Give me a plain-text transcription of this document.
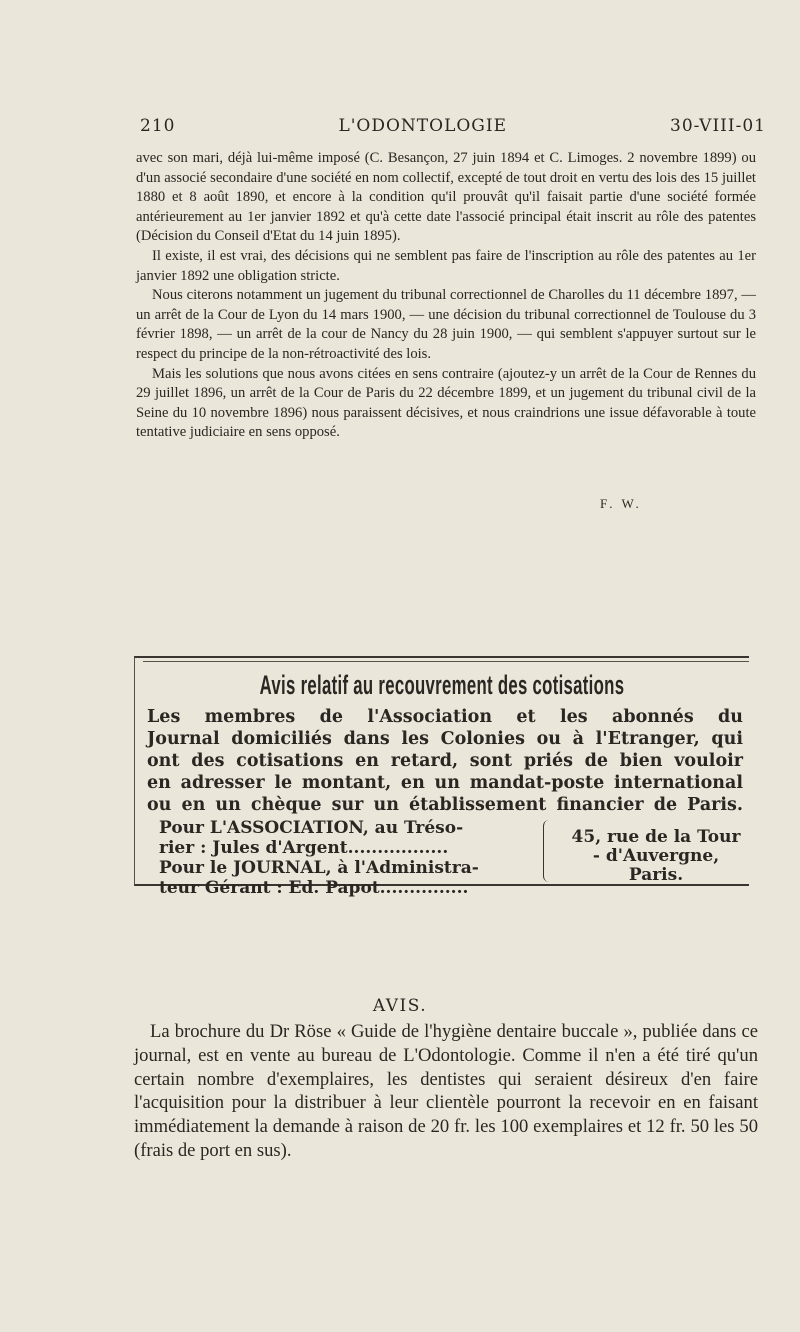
210	L'ODONTOLOGIE	30-VIII-01

avec son mari, déjà lui-même imposé (C. Besançon, 27 juin 1894 et C. Limoges. 2 novembre 1899) ou d'un associé secondaire d'une société en nom collectif, excepté de tout droit en vertu des lois des 15 juillet 1880 et 8 août 1890, et encore à la condition qu'il prouvât qu'il faisait partie d'une société formée antérieurement au 1er janvier 1892 et qu'à cette date l'associé principal était inscrit au rôle des patentes (Décision du Conseil d'Etat du 14 juin 1895).

Il existe, il est vrai, des décisions qui ne semblent pas faire de l'inscription au rôle des patentes au 1er janvier 1892 une obligation stricte.

Nous citerons notamment un jugement du tribunal correctionnel de Charolles du 11 décembre 1897, — un arrêt de la Cour de Lyon du 14 mars 1900, — une décision du tribunal correctionnel de Toulouse du 3 février 1898, — un arrêt de la cour de Nancy du 28 juin 1900, — qui semblent s'appuyer surtout sur le respect du principe de la non-rétroactivité des lois.

Mais les solutions que nous avons citées en sens contraire (ajoutez-y un arrêt de la Cour de Rennes du 29 juillet 1896, un arrêt de la Cour de Paris du 22 décembre 1899, et un jugement du tribunal civil de la Seine du 10 novembre 1896) nous paraissent décisives, et nous craindrions une issue défavorable à toute tentative judiciaire en sens opposé.

F. W.
Avis relatif au recouvrement des cotisations
Les membres de l'Association et les abonnés du
Journal domiciliés dans les Colonies ou à l'Etranger, qui
ont des cotisations en retard, sont priés de bien vouloir
en adresser le montant, en un mandat-poste international
ou en un chèque sur un établissement financier de Paris.
Pour L'ASSOCIATION, au Tréso-
rier : Jules d'Argent.................
Pour le JOURNAL, à l'Administra-
teur Gérant : Ed. Papot...............
45, rue de la Tour - d'Auvergne, Paris.
AVIS.

La brochure du Dr Röse « Guide de l'hygiène dentaire buccale », publiée dans ce journal, est en vente au bureau de L'Odontologie. Comme il n'en a été tiré qu'un certain nombre d'exemplaires, les dentistes qui seraient désireux d'en faire l'acquisition pour la distribuer à leur clientèle pourront la recevoir en en faisant immédiatement la demande à raison de 20 fr. les 100 exemplaires et 12 fr. 50 les 50 (frais de port en sus).
